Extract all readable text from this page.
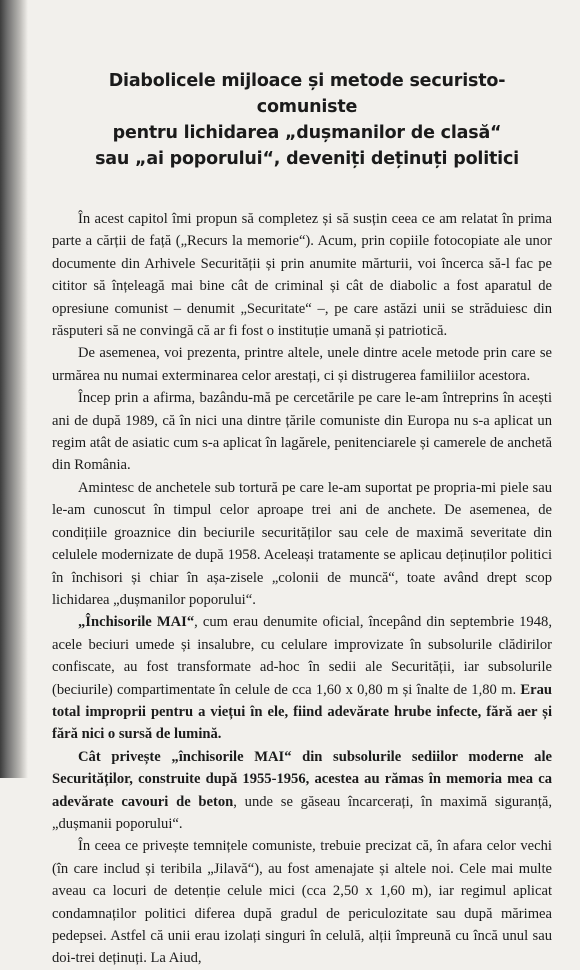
Diabolicele mijloace și metode securisto-comuniste
pentru lichidarea „dușmanilor de clasă“
sau „ai poporului“, deveniți deținuți politici

În acest capitol îmi propun să completez și să susțin ceea ce am relatat în prima parte a cărții de față („Recurs la memorie“). Acum, prin copiile fotocopiate ale unor documente din Arhivele Securității și prin anumite mărturii, voi încerca să-l fac pe cititor să înțeleagă mai bine cât de criminal și cât de diabolic a fost aparatul de opresiune comunist – denumit „Securitate“ –, pe care astăzi unii se străduiesc din răsputeri să ne convingă că ar fi fost o instituție umană și patriotică.

De asemenea, voi prezenta, printre altele, unele dintre acele metode prin care se urmărea nu numai exterminarea celor arestați, ci și distrugerea familiilor acestora.

Încep prin a afirma, bazându-mă pe cercetările pe care le-am întreprins în acești ani de după 1989, că în nici una dintre țările comuniste din Europa nu s-a aplicat un regim atât de asiatic cum s-a aplicat în lagărele, penitenciarele și camerele de anchetă din România.

Amintesc de anchetele sub tortură pe care le-am suportat pe propria-mi piele sau le-am cunoscut în timpul celor aproape trei ani de anchete. De asemenea, de condițiile groaznice din beciurile securităților sau cele de maximă severitate din celulele modernizate de după 1958. Aceleași tratamente se aplicau deținuților politici în închisori și chiar în așa-zisele „colonii de muncă“, toate având drept scop lichidarea „dușmanilor poporului“.

„Închisorile MAI“, cum erau denumite oficial, începând din septembrie 1948, acele beciuri umede și insalubre, cu celulare improvizate în subsolurile clădirilor confiscate, au fost transformate ad-hoc în sedii ale Securității, iar subsolurile (beciurile) compartimentate în celule de cca 1,60 x 0,80 m și înalte de 1,80 m. Erau total improprii pentru a viețui în ele, fiind adevărate hrube infecte, fără aer și fără nici o sursă de lumină.

Cât privește „închisorile MAI“ din subsolurile sediilor moderne ale Securităților, construite după 1955-1956, acestea au rămas în memoria mea ca adevărate cavouri de beton, unde se găseau încarcerați, în maximă siguranță, „dușmanii poporului“.

În ceea ce privește temnițele comuniste, trebuie precizat că, în afara celor vechi (în care includ și teribila „Jilavă“), au fost amenajate și altele noi. Cele mai multe aveau ca locuri de detenție celule mici (cca 2,50 x 1,60 m), iar regimul aplicat condamnaților politici diferea după gradul de periculozitate sau după mărimea pedepsei. Astfel că unii erau izolați singuri în celulă, alții împreună cu încă unul sau doi-trei deținuți. La Aiud,
